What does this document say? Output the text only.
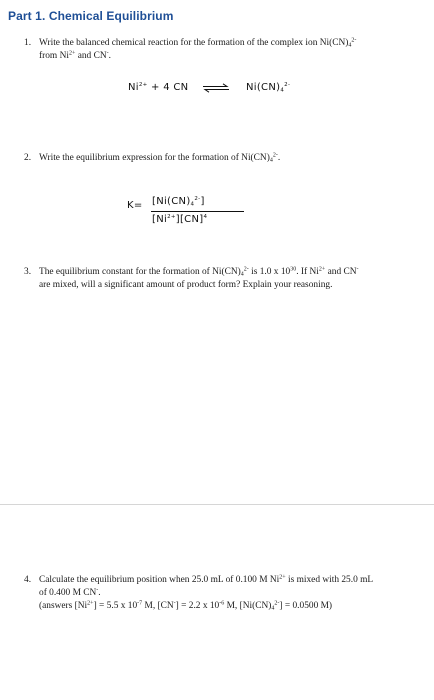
Part 1. Chemical Equilibrium
1. Write the balanced chemical reaction for the formation of the complex ion $Ni(CN)_4^{2-}$
from $Ni^{2+}$ and CN-.
$Ni^{2+} + 4$ CN ⇌ $Ni(CN)_4^{2-}$
2. Write the equilibrium expression for the formation of $Ni(CN)_4^{2-}$.
$K= [Ni(CN)_4^{2-}]$
$[Ni^{2+}][CN]^4$
3. The equilibrium constant for the formation of $Ni(CN)_4^{2-}$ is 1.0 x $10^{30}$. If $Ni^{2+}$ and CN-
are mixed, will a significant amount of product form? Explain your reasoning.
4. Calculate the equilibrium position when 25.0 mL of 0.100 M $Ni^{2+}$ is mixed with 25.0 mL
of 0.400 M CN-.
(answers $[Ni^{2+}] = 5.5$ x $10^{-7}$ M, [CN-] = 2.2 x $10^{-6}$ M, $[Ni(CN)_4^{2-}] = 0.0500$ M)
